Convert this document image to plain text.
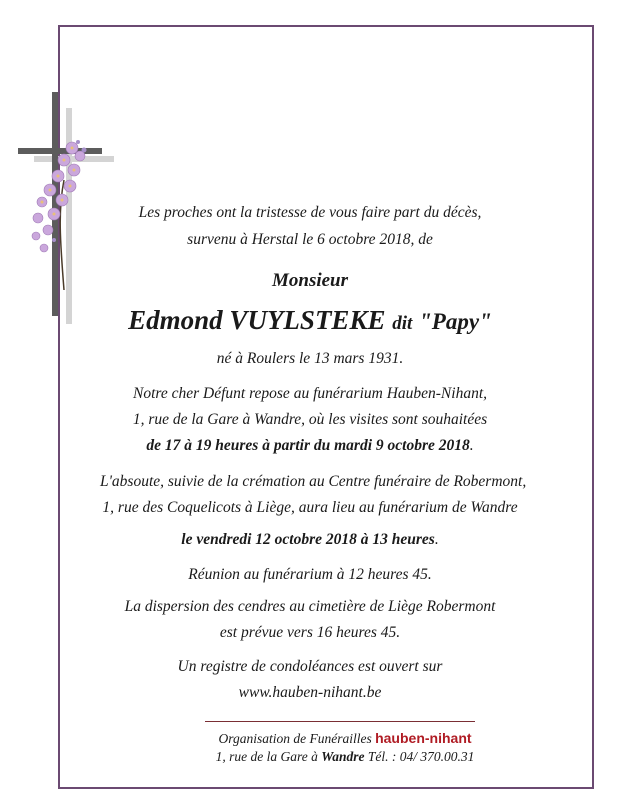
Les proches ont la tristesse de vous faire part du décès,
survenu à Herstal le 6 octobre 2018, de
Monsieur
Edmond VUYLSTEKE dit "Papy"
né à Roulers le 13 mars 1931.
Notre cher Défunt repose au funérarium Hauben-Nihant,
1, rue de la Gare à Wandre, où les visites sont souhaitées
de 17 à 19 heures à partir du mardi 9 octobre 2018.
L'absoute, suivie de la crémation au Centre funéraire de Robermont,
1, rue des Coquelicots à Liège, aura lieu au funérarium de Wandre
le vendredi 12 octobre 2018 à 13 heures.
Réunion au funérarium à 12 heures 45.
La dispersion des cendres au cimetière de Liège Robermont
est prévue vers 16 heures 45.
Un registre de condoléances est ouvert sur
www.hauben-nihant.be
Organisation de Funérailles hauben-nihant
1, rue de la Gare à Wandre Tél. : 04/ 370.00.31
